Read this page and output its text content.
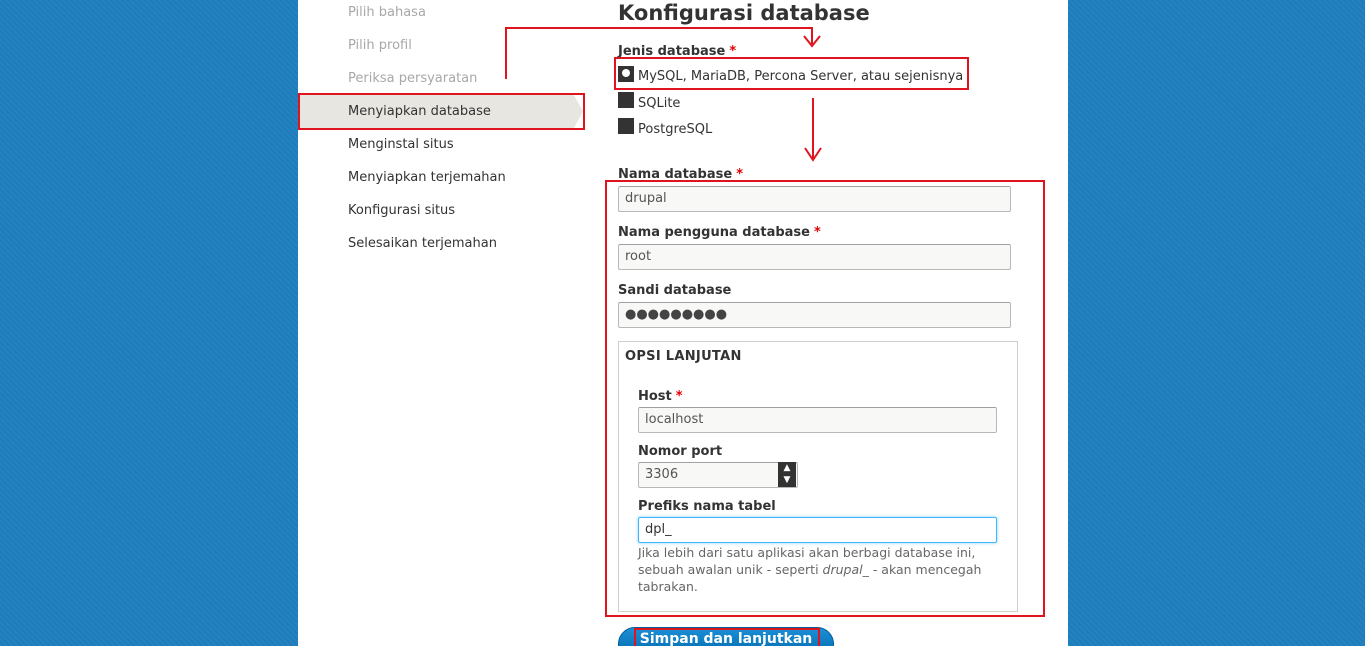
Pilih bahasa
Pilih profil
Periksa persyaratan
Menyiapkan database
Menginstal situs
Menyiapkan terjemahan
Konfigurasi situs
Selesaikan terjemahan
Konfigurasi database
Jenis database *
MySQL, MariaDB, Percona Server, atau sejenisnya
SQLite
PostgreSQL
Nama database *
drupal
Nama pengguna database *
root
Sandi database
●●●●●●●●●
OPSI LANJUTAN
Host *
localhost
Nomor port
3306	▲
▼
Prefiks nama tabel
dpl_
Jika lebih dari satu aplikasi akan berbagi database ini, sebuah awalan unik - seperti drupal_ - akan mencegah tabrakan.
Simpan dan lanjutkan
